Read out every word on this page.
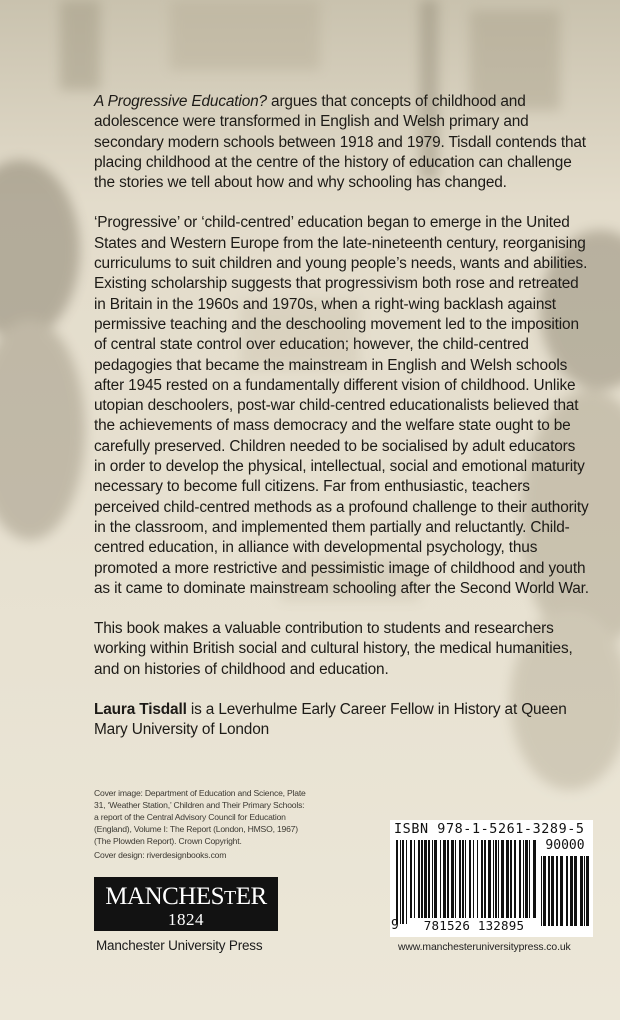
A Progressive Education? argues that concepts of childhood and adolescence were transformed in English and Welsh primary and secondary modern schools between 1918 and 1979. Tisdall contends that placing childhood at the centre of the history of education can challenge the stories we tell about how and why schooling has changed.

‘Progressive’ or ‘child-centred’ education began to emerge in the United States and Western Europe from the late-nineteenth century, reorganising curriculums to suit children and young people’s needs, wants and abilities. Existing scholarship suggests that progressivism both rose and retreated in Britain in the 1960s and 1970s, when a right-wing backlash against permissive teaching and the deschooling movement led to the imposition of central state control over education; however, the child-centred pedagogies that became the mainstream in English and Welsh schools after 1945 rested on a fundamentally different vision of childhood. Unlike utopian deschoolers, post-war child-centred educationalists believed that the achievements of mass democracy and the welfare state ought to be carefully preserved. Children needed to be socialised by adult educators in order to develop the physical, intellectual, social and emotional maturity necessary to become full citizens. Far from enthusiastic, teachers perceived child-centred methods as a profound challenge to their authority in the classroom, and implemented them partially and reluctantly. Child-centred education, in alliance with developmental psychology, thus promoted a more restrictive and pessimistic image of childhood and youth as it came to dominate mainstream schooling after the Second World War.

This book makes a valuable contribution to students and researchers working within British social and cultural history, the medical humanities, and on histories of childhood and education.

Laura Tisdall is a Leverhulme Early Career Fellow in History at Queen Mary University of London

Cover image: Department of Education and Science, Plate 31, ‘Weather Station,’ Children and Their Primary Schools: a report of the Central Advisory Council for Education (England), Volume I: The Report (London, HMSO, 1967) (The Plowden Report). Crown Copyright.

Cover design: riverdesignbooks.com

MANCHESTER
1824
Manchester University Press
ISBN 978-1-5261-3289-5
90000
9	781526 132895
www.manchesteruniversitypress.co.uk
